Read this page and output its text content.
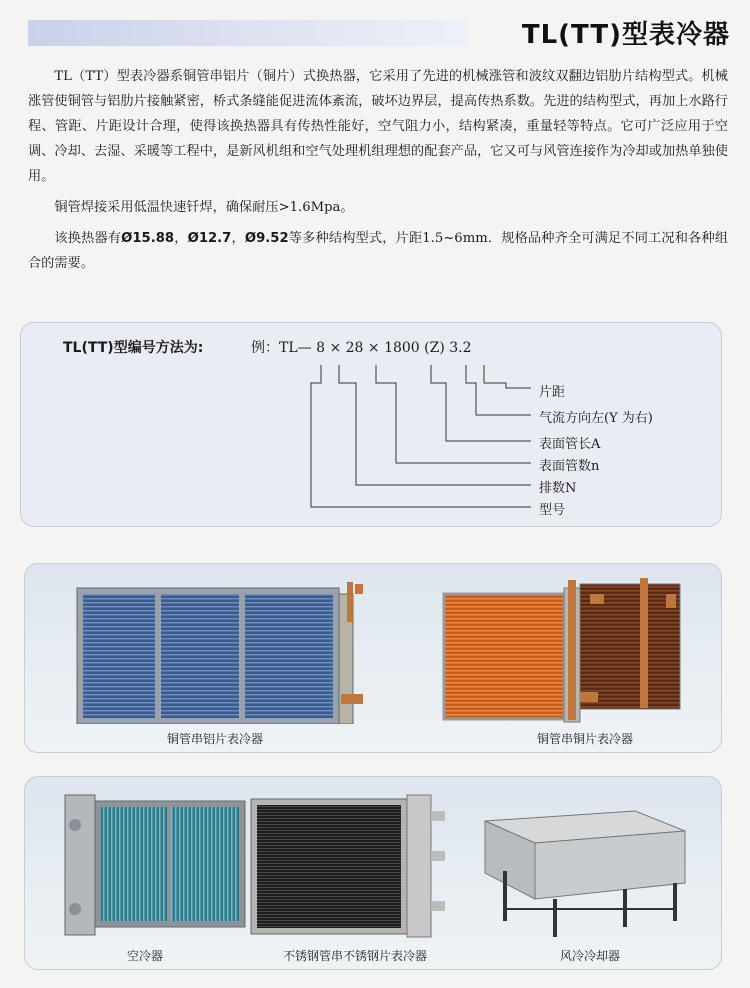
TL(TT)型表冷器

TL（TT）型表冷器系铜管串铝片（铜片）式换热器，它采用了先进的机械涨管和波纹双翻边铝肋片结构型式。机械涨管使铜管与铝肋片接触紧密，桥式条缝能促进流体紊流，破坏边界层，提高传热系数。先进的结构型式，再加上水路行程、管距、片距设计合理，使得该换热器具有传热性能好，空气阻力小，结构紧凑，重量轻等特点。它可广泛应用于空调、冷却、去湿、采暖等工程中，是新风机组和空气处理机组理想的配套产品，它又可与风管连接作为冷却或加热单独使用。

铜管焊接采用低温快速钎焊，确保耐压>1.6Mpa。

该换热器有Ø15.88，Ø12.7，Ø9.52等多种结构型式，片距1.5~6mm．规格品种齐全可满足不同工况和各种组合的需要。

TL(TT)型编号方法为:	例：TL— 8 × 28 × 1800 (Z) 3.2
片距
气流方向左(Y 为右)
表面管长A
表面管数n
排数N
型号
铜管串铝片表冷器	铜管串铜片表冷器
空冷器	不锈钢管串不锈钢片表冷器	风冷冷却器
